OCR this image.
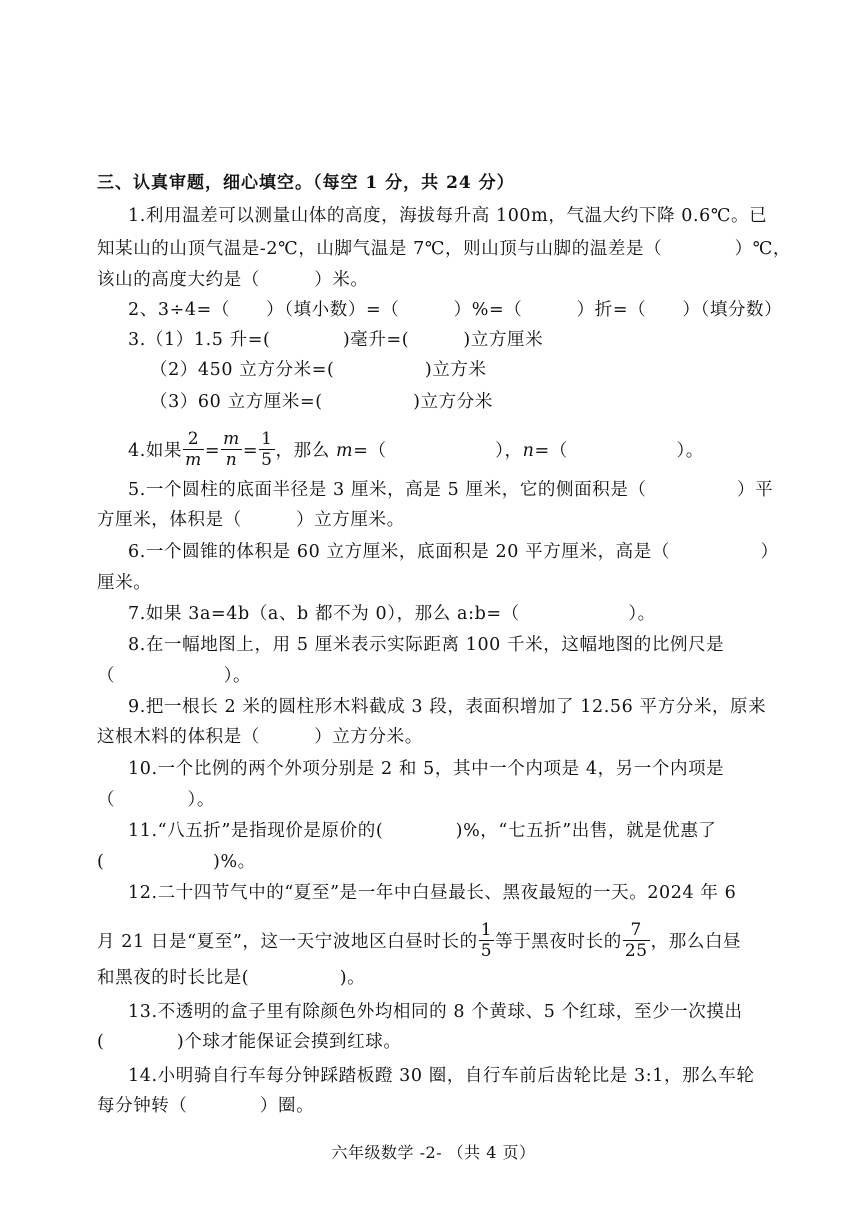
三、认真审题，细心填空。（每空 1 分，共 24 分）
1.利用温差可以测量山体的高度，海拔每升高 100m，气温大约下降 0.6℃。已
知某山的山顶气温是-2℃，山脚气温是 7℃，则山顶与山脚的温差是（　　　　）℃，
该山的高度大约是（　　　）米。
2、3÷4=（　　）（填小数）=（　　　）%=（　　　）折=（　　）（填分数）
3.（1）1.5 升=(　　　　)毫升=(　　　)立方厘米
（2）450 立方分米=(　　　　　)立方米
（3）60 立方厘米=(　　　　　)立方分米
4.如果 $\frac{2}{m} = \frac{m}{n} = \frac{1}{5}$ ，那么 m=（　　　　　　），n=（　　　　　　）。
5.一个圆柱的底面半径是 3 厘米，高是 5 厘米，它的侧面积是（　　　　　）平
方厘米，体积是（　　　）立方厘米。
6.一个圆锥的体积是 60 立方厘米，底面积是 20 平方厘米，高是（　　　　　）
厘米。
7.如果 3a=4b（a、b 都不为 0），那么 a:b=（　　　　　　）。
8.在一幅地图上，用 5 厘米表示实际距离 100 千米，这幅地图的比例尺是
（　　　　　　）。
9.把一根长 2 米的圆柱形木料截成 3 段，表面积增加了 12.56 平方分米，原来
这根木料的体积是（　　　）立方分米。
10.一个比例的两个外项分别是 2 和 5，其中一个内项是 4，另一个内项是
（　　　　）。
11.“八五折”是指现价是原价的(　　　　)%，“七五折”出售，就是优惠了
(　　　　　　)%。
12.二十四节气中的“夏至”是一年中白昼最长、黑夜最短的一天。2024 年 6
月 21 日是“夏至”，这一天宁波地区白昼时长的 $\frac{1}{5}$ 等于黑夜时长的 $\frac{7}{25}$ ，那么白昼
和黑夜的时长比是(　　　　　)。
13.不透明的盒子里有除颜色外均相同的 8 个黄球、5 个红球，至少一次摸出
(　　　　)个球才能保证会摸到红球。
14.小明骑自行车每分钟踩踏板蹬 30 圈，自行车前后齿轮比是 3:1，那么车轮
每分钟转（　　　　）圈。
六年级数学 -2- （共 4 页）
